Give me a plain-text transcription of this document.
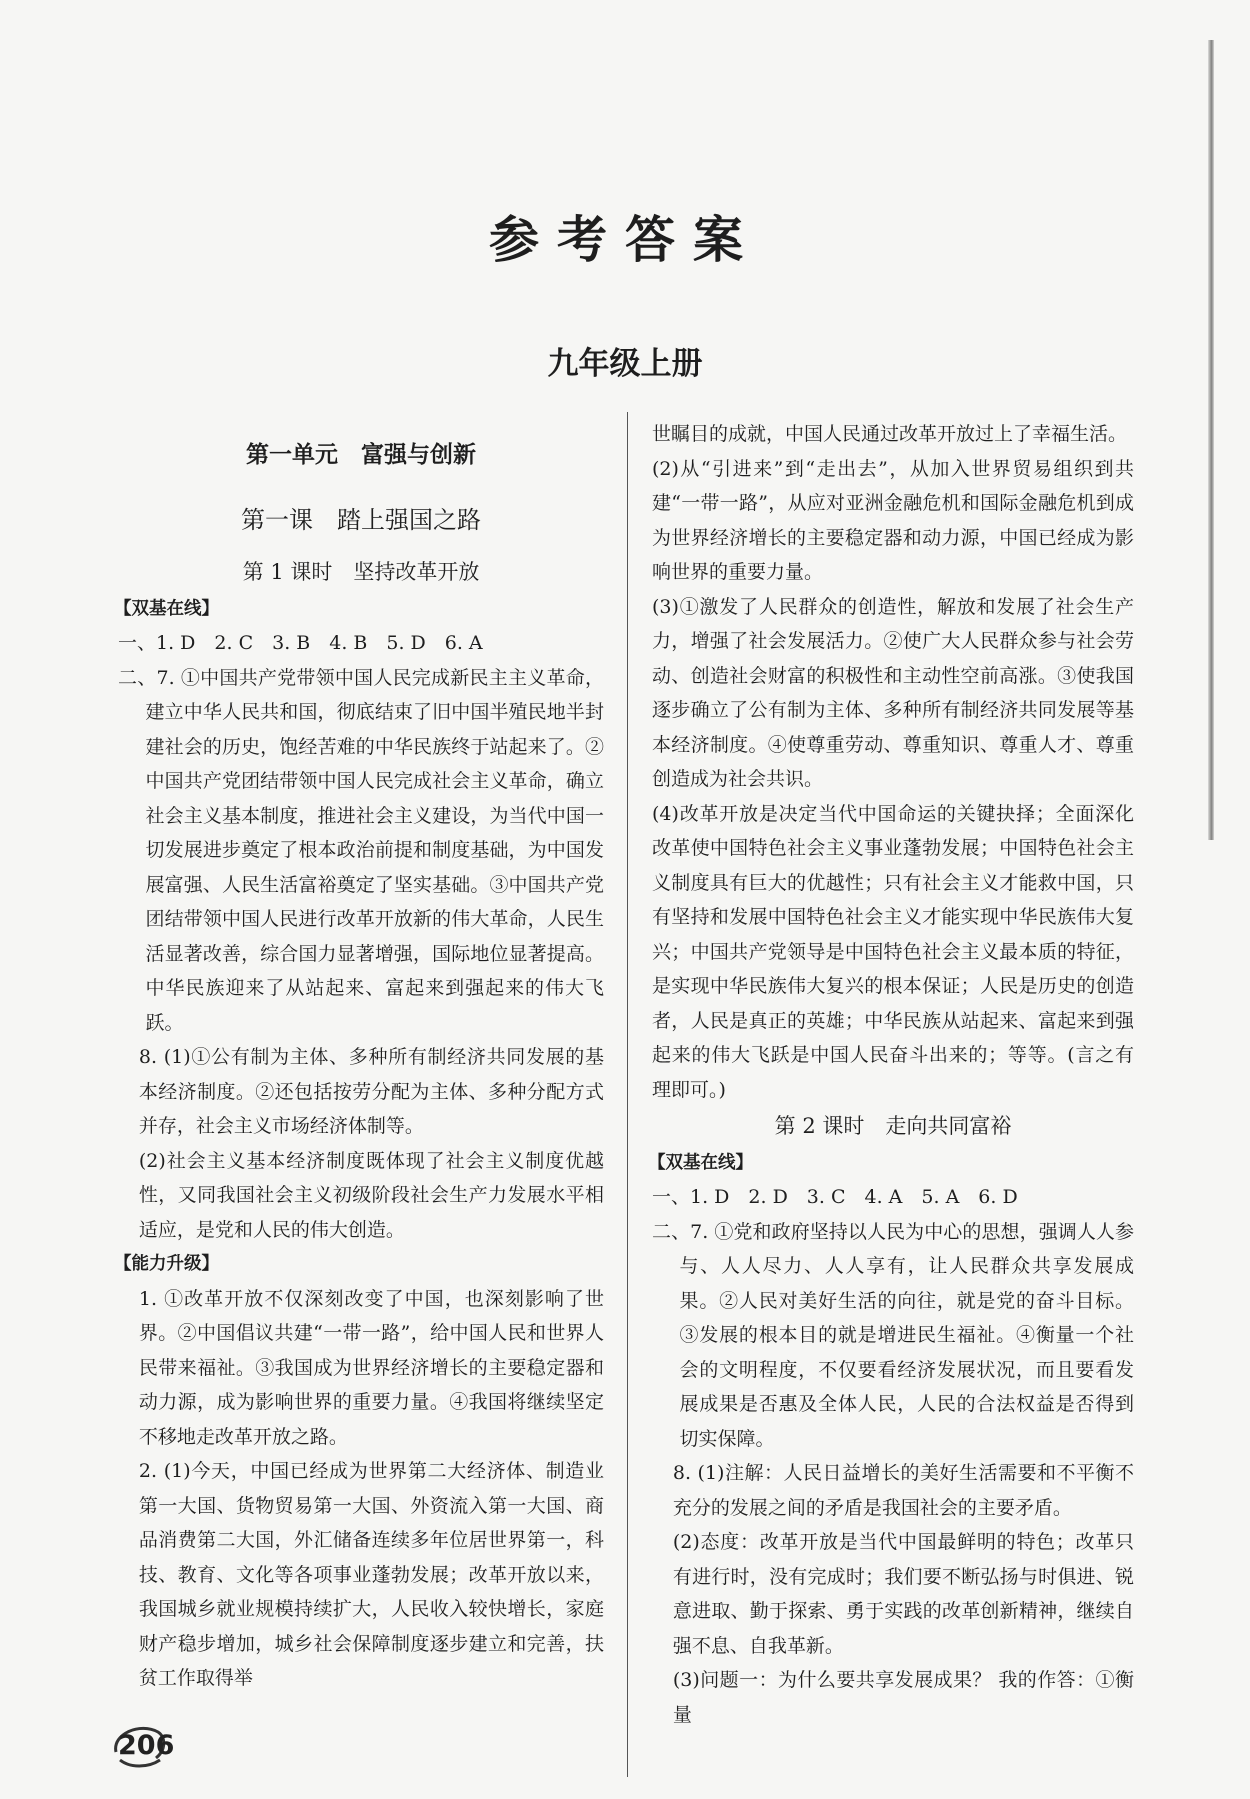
参考答案
九年级上册

第一单元　富强与创新

第一课　踏上强国之路

第 1 课时　坚持改革开放

【双基在线】

一、1. D　2. C　3. B　4. B　5. D　6. A

二、7. ①中国共产党带领中国人民完成新民主主义革命，建立中华人民共和国，彻底结束了旧中国半殖民地半封建社会的历史，饱经苦难的中华民族终于站起来了。②中国共产党团结带领中国人民完成社会主义革命，确立社会主义基本制度，推进社会主义建设，为当代中国一切发展进步奠定了根本政治前提和制度基础，为中国发展富强、人民生活富裕奠定了坚实基础。③中国共产党团结带领中国人民进行改革开放新的伟大革命，人民生活显著改善，综合国力显著增强，国际地位显著提高。中华民族迎来了从站起来、富起来到强起来的伟大飞跃。

8. (1)①公有制为主体、多种所有制经济共同发展的基本经济制度。②还包括按劳分配为主体、多种分配方式并存，社会主义市场经济体制等。

(2)社会主义基本经济制度既体现了社会主义制度优越性，又同我国社会主义初级阶段社会生产力发展水平相适应，是党和人民的伟大创造。

【能力升级】

1. ①改革开放不仅深刻改变了中国，也深刻影响了世界。②中国倡议共建“一带一路”，给中国人民和世界人民带来福祉。③我国成为世界经济增长的主要稳定器和动力源，成为影响世界的重要力量。④我国将继续坚定不移地走改革开放之路。

2. (1)今天，中国已经成为世界第二大经济体、制造业第一大国、货物贸易第一大国、外资流入第一大国、商品消费第二大国，外汇储备连续多年位居世界第一，科技、教育、文化等各项事业蓬勃发展；改革开放以来，我国城乡就业规模持续扩大，人民收入较快增长，家庭财产稳步增加，城乡社会保障制度逐步建立和完善，扶贫工作取得举

世瞩目的成就，中国人民通过改革开放过上了幸福生活。

(2)从“引进来”到“走出去”，从加入世界贸易组织到共建“一带一路”，从应对亚洲金融危机和国际金融危机到成为世界经济增长的主要稳定器和动力源，中国已经成为影响世界的重要力量。

(3)①激发了人民群众的创造性，解放和发展了社会生产力，增强了社会发展活力。②使广大人民群众参与社会劳动、创造社会财富的积极性和主动性空前高涨。③使我国逐步确立了公有制为主体、多种所有制经济共同发展等基本经济制度。④使尊重劳动、尊重知识、尊重人才、尊重创造成为社会共识。

(4)改革开放是决定当代中国命运的关键抉择；全面深化改革使中国特色社会主义事业蓬勃发展；中国特色社会主义制度具有巨大的优越性；只有社会主义才能救中国，只有坚持和发展中国特色社会主义才能实现中华民族伟大复兴；中国共产党领导是中国特色社会主义最本质的特征，是实现中华民族伟大复兴的根本保证；人民是历史的创造者，人民是真正的英雄；中华民族从站起来、富起来到强起来的伟大飞跃是中国人民奋斗出来的；等等。(言之有理即可。)

第 2 课时　走向共同富裕

【双基在线】

一、1. D　2. D　3. C　4. A　5. A　6. D

二、7. ①党和政府坚持以人民为中心的思想，强调人人参与、人人尽力、人人享有，让人民群众共享发展成果。②人民对美好生活的向往，就是党的奋斗目标。③发展的根本目的就是增进民生福祉。④衡量一个社会的文明程度，不仅要看经济发展状况，而且要看发展成果是否惠及全体人民，人民的合法权益是否得到切实保障。

8. (1)注解：人民日益增长的美好生活需要和不平衡不充分的发展之间的矛盾是我国社会的主要矛盾。

(2)态度：改革开放是当代中国最鲜明的特色；改革只有进行时，没有完成时；我们要不断弘扬与时俱进、锐意进取、勤于探索、勇于实践的改革创新精神，继续自强不息、自我革新。

(3)问题一：为什么要共享发展成果？ 我的作答：①衡量

206
